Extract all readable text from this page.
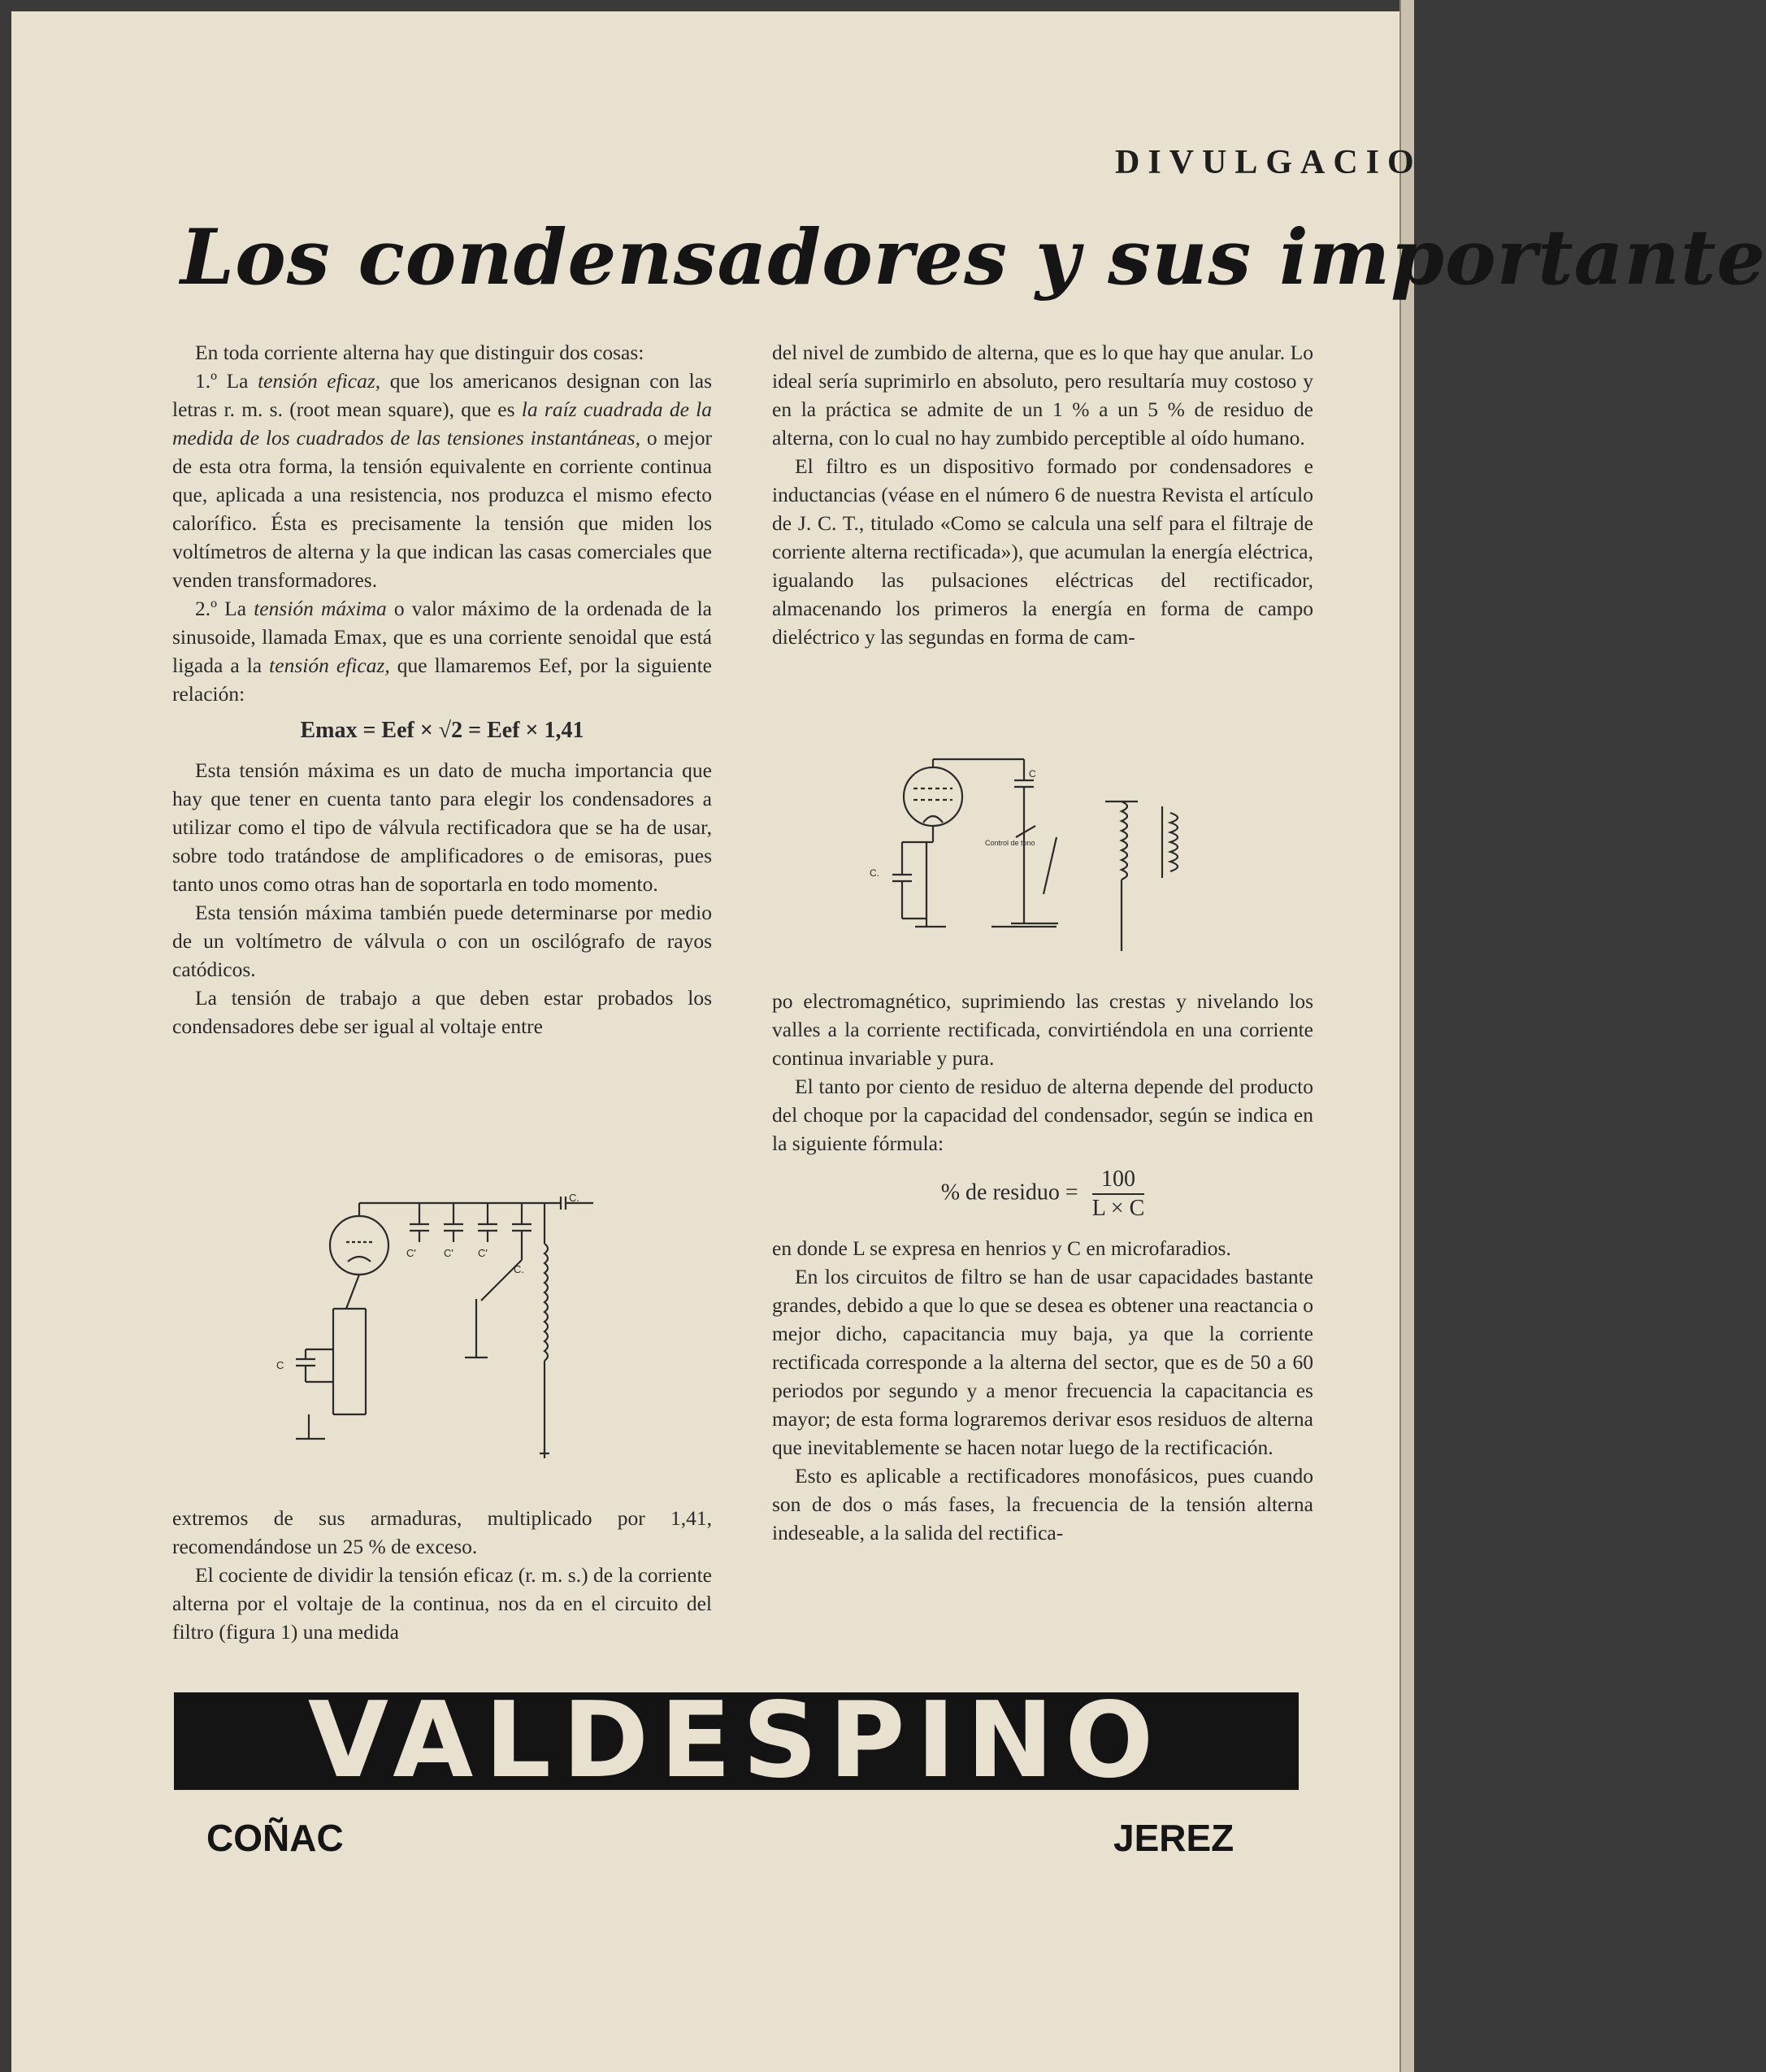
DIVULGACIO
Los condensadores y sus importante

En toda corriente alterna hay que distinguir dos cosas:

1.º La tensión eficaz, que los americanos designan con las letras r. m. s. (root mean square), que es la raíz cuadrada de la medida de los cuadrados de las tensiones instantáneas, o mejor de esta otra forma, la tensión equivalente en corriente continua que, aplicada a una resistencia, nos produzca el mismo efecto calorífico. Ésta es precisamente la tensión que miden los voltímetros de alterna y la que indican las casas comerciales que venden transformadores.

2.º La tensión máxima o valor máximo de la ordenada de la sinusoide, llamada Emax, que es una corriente senoidal que está ligada a la tensión eficaz, que llamaremos Eef, por la siguiente relación:

Emax = Eef × √2 = Eef × 1,41

Esta tensión máxima es un dato de mucha importancia que hay que tener en cuenta tanto para elegir los condensadores a utilizar como el tipo de válvula rectificadora que se ha de usar, sobre todo tratándose de amplificadores o de emisoras, pues tanto unos como otras han de soportarla en todo momento.

Esta tensión máxima también puede determinarse por medio de un voltímetro de válvula o con un oscilógrafo de rayos catódicos.

La tensión de trabajo a que deben estar probados los condensadores debe ser igual al voltaje entre

C.
C
C'	C' C'
C.

extremos de sus armaduras, multiplicado por 1,41, recomendándose un 25 % de exceso.

El cociente de dividir la tensión eficaz (r. m. s.) de la corriente alterna por el voltaje de la continua, nos da en el circuito del filtro (figura 1) una medida

del nivel de zumbido de alterna, que es lo que hay que anular. Lo ideal sería suprimirlo en absoluto, pero resultaría muy costoso y en la práctica se admite de un 1 % a un 5 % de residuo de alterna, con lo cual no hay zumbido perceptible al oído humano.

El filtro es un dispositivo formado por condensadores e inductancias (véase en el número 6 de nuestra Revista el artículo de J. C. T., titulado «Como se calcula una self para el filtraje de corriente alterna rectificada»), que acumulan la energía eléctrica, igualando las pulsaciones eléctricas del rectificador, almacenando los primeros la energía en forma de campo dieléctrico y las segundas en forma de cam-

C
C.
Control de tono

po electromagnético, suprimiendo las crestas y nivelando los valles a la corriente rectificada, convirtiéndola en una corriente continua invariable y pura.

El tanto por ciento de residuo de alterna depende del producto del choque por la capacidad del condensador, según se indica en la siguiente fórmula:

% de residuo = $\frac{100}{L \times C}$

en donde L se expresa en henrios y C en microfaradios.

En los circuitos de filtro se han de usar capacidades bastante grandes, debido a que lo que se desea es obtener una reactancia o mejor dicho, capacitancia muy baja, ya que la corriente rectificada corresponde a la alterna del sector, que es de 50 a 60 periodos por segundo y a menor frecuencia la capacitancia es mayor; de esta forma lograremos derivar esos residuos de alterna que inevitablemente se hacen notar luego de la rectificación.

Esto es aplicable a rectificadores monofásicos, pues cuando son de dos o más fases, la frecuencia de la tensión alterna indeseable, a la salida del rectifica-

VALDESPINO
COÑAC	JEREZ
